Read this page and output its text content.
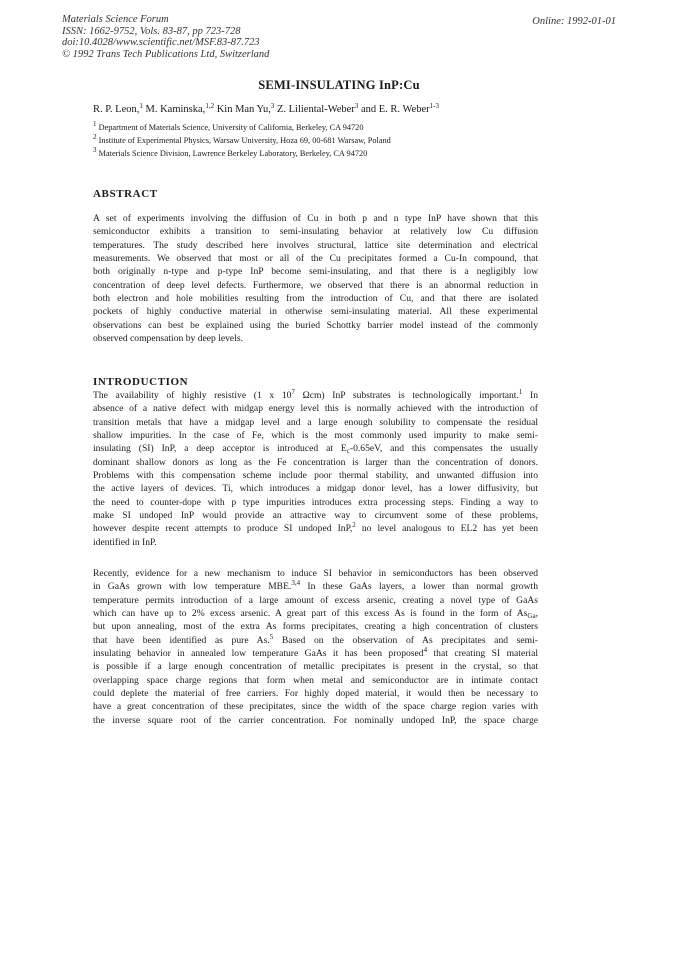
Materials Science Forum
ISSN: 1662-9752, Vols. 83-87, pp 723-728
doi:10.4028/www.scientific.net/MSF.83-87.723
© 1992 Trans Tech Publications Ltd, Switzerland
Online: 1992-01-01
SEMI-INSULATING InP:Cu
R. P. Leon,$^1$ M. Kaminska,$^{1,2}$ Kin Man Yu,$^3$ Z. Liliental-Weber$^3$ and E. R. Weber$^{1-3}$
$^1$ Department of Materials Science, University of California, Berkeley, CA 94720
$^2$ Institute of Experimental Physics, Warsaw University, Hoza 69, 00-681 Warsaw, Poland
$^3$ Materials Science Division, Lawrence Berkeley Laboratory, Berkeley, CA 94720
ABSTRACT
A set of experiments involving the diffusion of Cu in both p and n type InP have shown that this
semiconductor exhibits a transition to semi-insulating behavior at relatively low Cu diffusion
temperatures. The study described here involves structural, lattice site determination and electrical
measurements. We observed that most or all of the Cu precipitates formed a Cu-In compound, that
both originally n-type and p-type InP become semi-insulating, and that there is a negligibly low
concentration of deep level defects. Furthermore, we observed that there is an abnormal reduction in
both electron and hole mobilities resulting from the introduction of Cu, and that there are isolated
pockets of highly conductive material in otherwise semi-insulating material. All these experimental
observations can best be explained using the buried Schottky barrier model instead of the commonly
observed compensation by deep levels.
INTRODUCTION
The availability of highly resistive (1 x $10^7$ Ωcm) InP substrates is technologically important.$^1$ In
absence of a native defect with midgap energy level this is normally achieved with the introduction of
transition metals that have a midgap level and a large enough solubility to compensate the residual
shallow impurities. In the case of Fe, which is the most commonly used impurity to make semi-
insulating (SI) InP, a deep acceptor is introduced at $E_c-0.65eV$, and this compensates the usually
dominant shallow donors as long as the Fe concentration is larger than the concentration of donors.
Problems with this compensation scheme include poor thermal stability, and unwanted diffusion into
the active layers of devices. Ti, which introduces a midgap donor level, has a lower diffusivity, but
the need to counter-dope with p type impurities introduces extra processing steps. Finding a way to
make SI undoped InP would provide an attractive way to circumvent some of these problems,
however despite recent attempts to produce SI undoped InP,$^2$ no level analogous to EL2 has yet been
identified in InP.
Recently, evidence for a new mechanism to induce SI behavior in semiconductors has been observed
in GaAs grown with low temperature MBE.$^{3,4}$ In these GaAs layers, a lower than normal growth
temperature permits introduction of a large amount of excess arsenic, creating a novel type of GaAs
which can have up to 2% excess arsenic. A great part of this excess As is found in the form of $As_{Ga}$,
but upon annealing, most of the extra As forms precipitates, creating a high concentration of clusters
that have been identified as pure As.$^5$ Based on the observation of As precipitates and semi-
insulating behavior in annealed low temperature GaAs it has been proposed$^4$ that creating SI material
is possible if a large enough concentration of metallic precipitates is present in the crystal, so that
overlapping space charge regions that form when metal and semiconductor are in intimate contact
could deplete the material of free carriers. For highly doped material, it would then be necessary to
have a great concentration of these precipitates, since the width of the space charge region varies with
the inverse square root of the carrier concentration. For nominally undoped InP, the space charge
